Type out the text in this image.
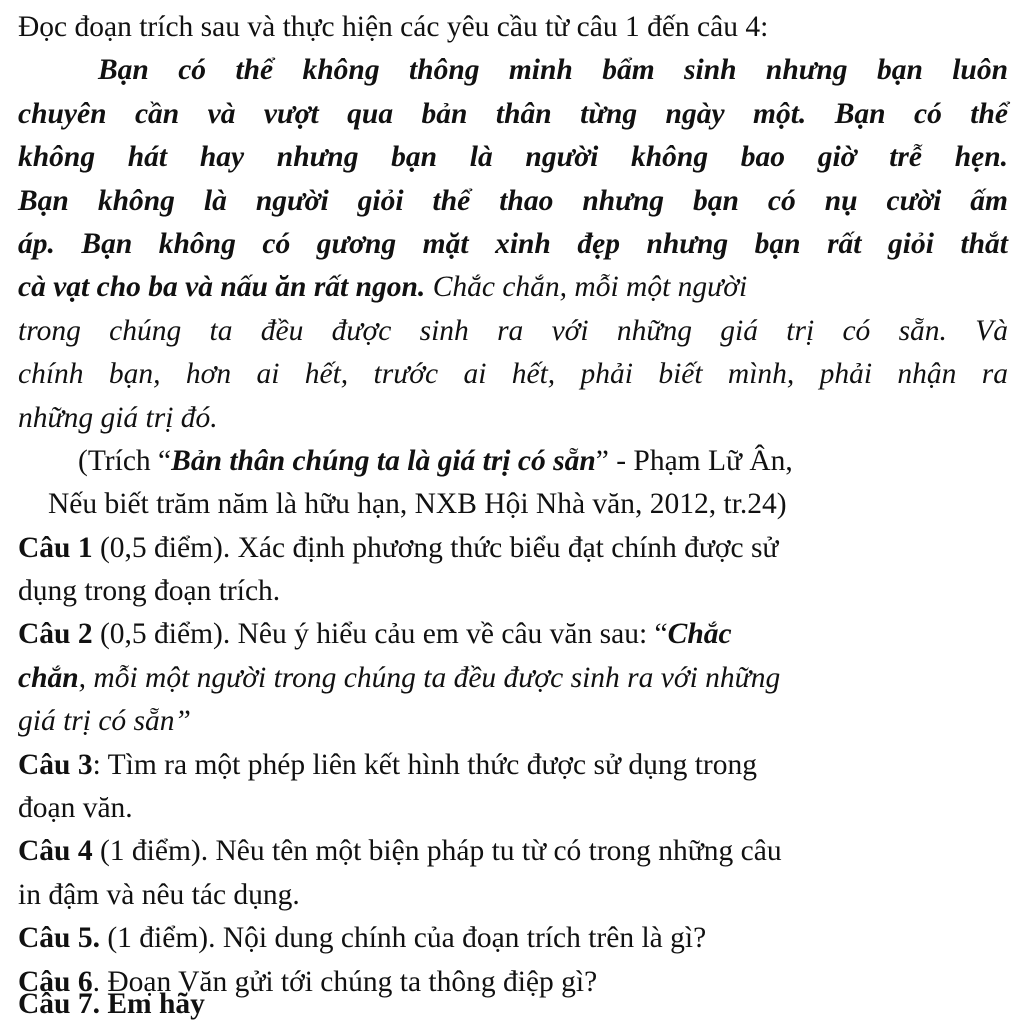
Đọc đoạn trích sau và thực hiện các yêu cầu từ câu 1 đến câu 4:
Bạn có thể không thông minh bẩm sinh nhưng bạn luôn
chuyên cần và vượt qua bản thân từng ngày một. Bạn có thể
không hát hay nhưng bạn là người không bao giờ trễ hẹn.
Bạn không là người giỏi thể thao nhưng bạn có nụ cười ấm
áp. Bạn không có gương mặt xinh đẹp nhưng bạn rất giỏi thắt
cà vạt cho ba và nấu ăn rất ngon. Chắc chắn, mỗi một người
trong chúng ta đều được sinh ra với những giá trị có sẵn. Và
chính bạn, hơn ai hết, trước ai hết, phải biết mình, phải nhận ra
những giá trị đó.
(Trích “Bản thân chúng ta là giá trị có sẵn” - Phạm Lữ Ân,
Nếu biết trăm năm là hữu hạn, NXB Hội Nhà văn, 2012, tr.24)
Câu 1 (0,5 điểm). Xác định phương thức biểu đạt chính được sử
dụng trong đoạn trích.
Câu 2 (0,5 điểm). Nêu ý hiểu cảu em về câu văn sau: “Chắc
chắn, mỗi một người trong chúng ta đều được sinh ra với những
giá trị có sẵn”
Câu 3: Tìm ra một phép liên kết hình thức được sử dụng trong
đoạn văn.
Câu 4 (1 điểm). Nêu tên một biện pháp tu từ có trong những câu
in đậm và nêu tác dụng.
Câu 5. (1 điểm). Nội dung chính của đoạn trích trên là gì?
Câu 6. Đoạn Văn gửi tới chúng ta thông điệp gì?
Câu 7. Em hãy
